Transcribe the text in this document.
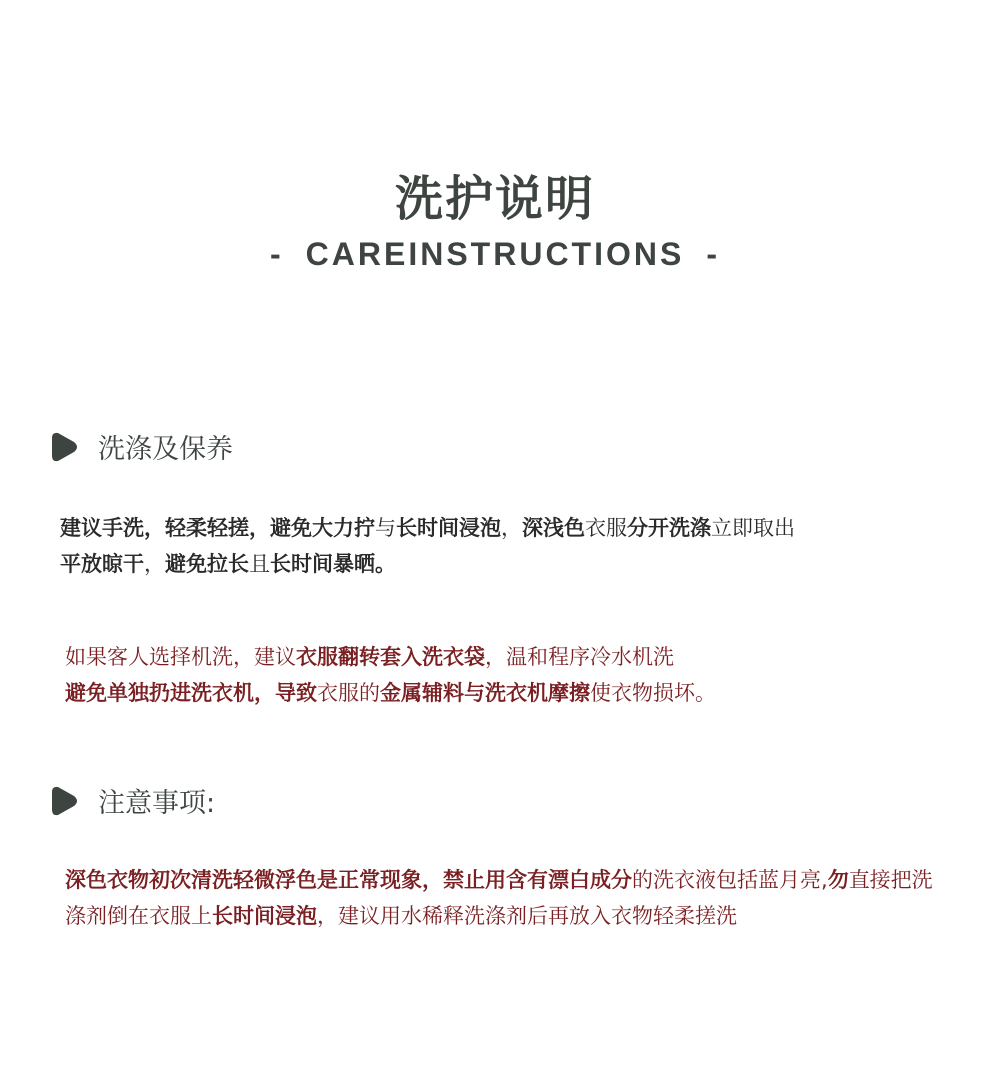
洗护说明
- CAREINSTRUCTIONS -
洗涤及保养

建议手洗，轻柔轻搓，避免大力拧与长时间浸泡，深浅色衣服分开洗涤立即取出
平放晾干，避免拉长且长时间暴晒。

如果客人选择机洗，建议衣服翻转套入洗衣袋，温和程序冷水机洗
避免单独扔进洗衣机，导致衣服的金属辅料与洗衣机摩擦使衣物损坏。

注意事项:

深色衣物初次清洗轻微浮色是正常现象，禁止用含有漂白成分的洗衣液包括蓝月亮,勿直接把洗涤剂倒在衣服上长时间浸泡，建议用水稀释洗涤剂后再放入衣物轻柔搓洗
